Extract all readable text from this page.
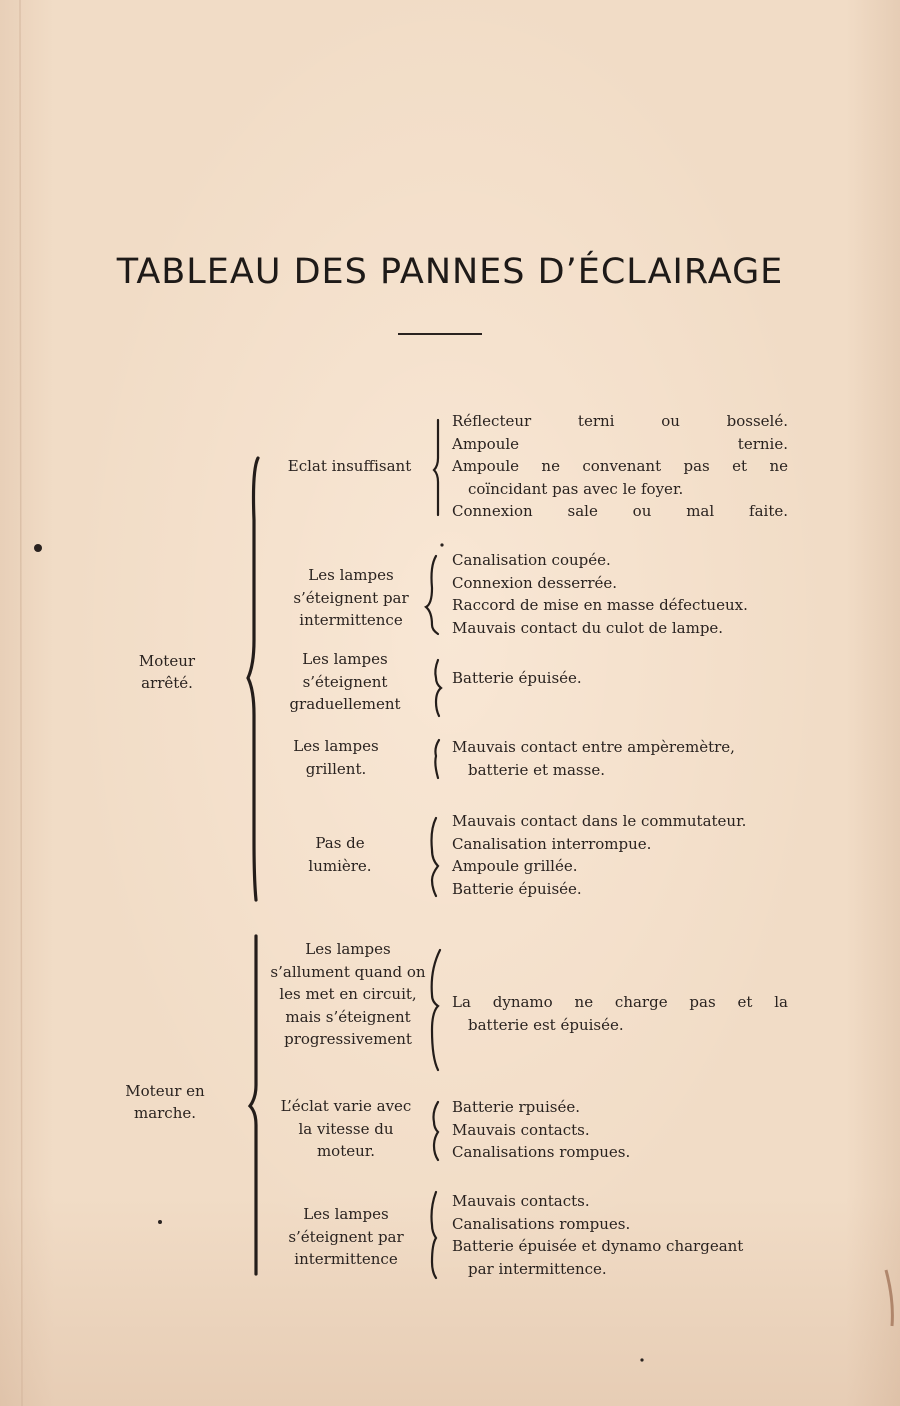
TABLEAU DES PANNES D’ÉCLAIRAGE
Moteur arrêté.
Eclat insuffisant
Réflecteur terni ou bosselé.
Ampoule ternie.
Ampoule ne convenant pas et ne
coïncidant pas avec le foyer.
Connexion sale ou mal faite.
Les lampes s’éteignent par intermittence
Canalisation coupée.
Connexion desserrée.
Raccord de mise en masse défectueux.
Mauvais contact du culot de lampe.
Les lampes s’éteignent graduellement
Batterie épuisée.
Les lampes grillent.
Mauvais contact entre ampèremètre,
batterie et masse.
Pas de lumière.
Mauvais contact dans le commutateur.
Canalisation interrompue.
Ampoule grillée.
Batterie épuisée.
Moteur en marche.
Les lampes s’allument quand on les met en circuit, mais s’éteignent progressivement
La dynamo ne charge pas et la
batterie est épuisée.
L’éclat varie avec la vitesse du moteur.
Batterie rpuisée.
Mauvais contacts.
Canalisations rompues.
Les lampes s’éteignent par intermittence
Mauvais contacts.
Canalisations rompues.
Batterie épuisée et dynamo chargeant
par intermittence.
